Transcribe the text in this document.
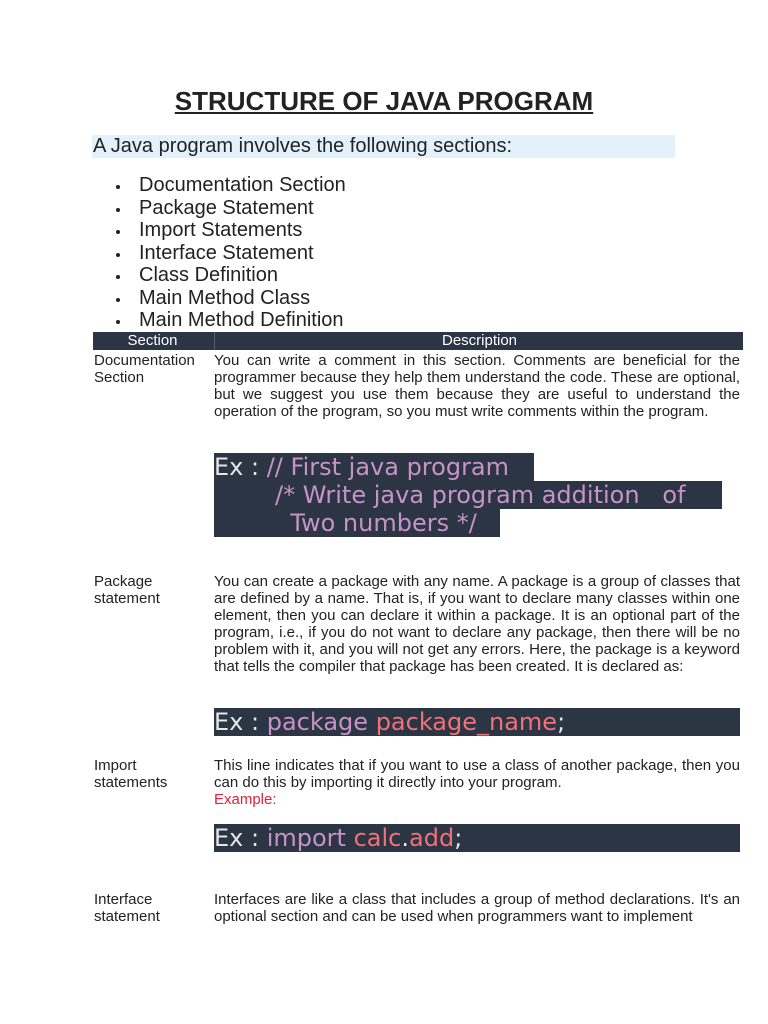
STRUCTURE OF JAVA PROGRAM
A Java program involves the following sections:
Documentation Section
Package Statement
Import Statements
Interface Statement
Class Definition
Main Method Class
Main Method Definition
Section	Description
Documentation Section
You can write a comment in this section. Comments are beneficial for the programmer because they help them understand the code. These are optional, but we suggest you use them because they are useful to understand the operation of the program, so you must write comments within the program.
Ex : // First java program
/* Write java program addition   of
Two numbers */
Package statement
You can create a package with any name. A package is a group of classes that are defined by a name. That is, if you want to declare many classes within one element, then you can declare it within a package. It is an optional part of the program, i.e., if you do not want to declare any package, then there will be no problem with it, and you will not get any errors. Here, the package is a keyword that tells the compiler that package has been created. It is declared as:
Ex : package package_name;
Import statements
This line indicates that if you want to use a class of another package, then you can do this by importing it directly into your program.
Example:
Ex : import calc.add;
Interface statement
Interfaces are like a class that includes a group of method declarations. It's an optional section and can be used when programmers want to implement
